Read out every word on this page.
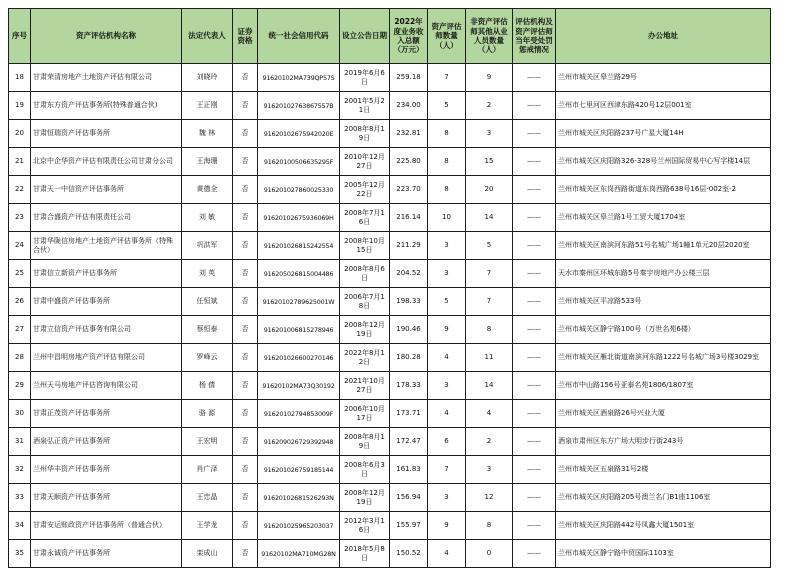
序号	资产评估机构名称	法定代表人	证券资格	统一社会信用代码	设立公告日期	2022年度业务收入总额（万元）	资产评估师数量（人）	非资产评估师其他从业人员数量（人）	评估机构及资产评估师当年受处罚惩戒情况	办公地址
18	甘肃荣清房地产土地资产评估有限公司	刘晓玲	否	91620102MA739QP57S	2019年6月6日	259.18	7	9	——	兰州市城关区皋兰路29号
19	甘肃东方资产评估事务所(特殊普通合伙)	王正刚	否	91620102763867557B	2001年5月21日	234.00	5	2	——	兰州市七里河区西津东路420号12层001室
20	甘肃恒瑞资产评估事务所	魏 林	否	91620102675942020E	2008年8月19日	232.81	8	3	——	兰州市城关区庆阳路237号广星大厦14H
21	北京中企华资产评估有限责任公司甘肃分公司	王海珊	否	91620100506635295F	2010年12月27日	225.80	8	15	——	兰州市城关区庆阳路326-328号兰州国际贸易中心写字楼14层
22	甘肃天一中信资产评估事务所	黄德全	否	916201027860025330	2005年12月22日	223.70	8	20	——	兰州市城关区东岗西路街道东岗西路638号16层-002室-2
23	甘肃合盛资产评估有限责任公司	刘 敏	否	91620102675936069H	2008年7月16日	216.14	10	14	——	兰州市城关区皋兰路1号工贸大厦1704室
24	甘肃华陇信房地产土地资产评估事务所（特殊合伙）	巩洪军	否	916201026815242554	2008年10月15日	211.29	3	5	——	兰州市城关区南滨河东路51号名城广场1幢1单元20层2020室
25	甘肃信立新资产评估事务所	刘 英	否	916205026815004486	2008年8月6日	204.52	3	7	——	天水市秦州区环城东路5号秦宇房地产办公楼三层
26	甘肃中盛资产评估事务所	任恒斌	否	91620102789625001W	2006年7月18日	198.33	5	7	——	兰州市城关区平凉路533号
27	甘肃立信资产评估事务有限公司	蔡恒泰	否	916201006815278946	2008年12月19日	190.46	9	8	——	兰州市城关区静宁路100号（万世名苑6楼）
28	兰州中昌明房地产资产评估有限公司	罗峰云	否	916201026600270146	2022年8月12日	180.28	4	11	——	兰州市城关区雁北街道南滨河东路1222号名城广场3号楼3029室
29	兰州天马房地产评估咨询有限公司	杨 倩	否	91620102MA73Q30192	2021年10月27日	178.33	3	14	——	兰州市中山路156号亚泰名苑1806/1807室
30	甘肃正茂资产评估事务所	骆 源	否	91620102794853009F	2006年10月17日	173.71	4	4	——	兰州市城关区酒泉路26号兴业大厦
31	酒泉弘正资产评估事务所	王宏明	否	916209026729392948	2008年8月19日	172.47	6	2	——	酒泉市肃州区东方广场大明步行街243号
32	兰州华丰资产评估事务所	肖广泽	否	916201026759185144	2008年6月3日	161.83	7	3	——	兰州市城关区五泉路31号2楼
33	甘肃天顺资产评估事务所	王忠晶	否	91620102681526293N	2008年12月19日	156.94	3	12	——	兰州市城关区庆阳路205号澳兰名门B1座1106室
34	甘肃安运账政资产评估事务所（普通合伙）	王学龙	否	916201025965203037	2012年3月16日	155.97	9	8	——	兰州市城关区庆阳路442号凤鑫大厦1501室
35	甘肃永诚资产评估事务所	栾成山	否	91620102MA710MG28N	2018年5月8日	150.52	4	0	——	兰州市城关区静宁路中贸国际1103室
